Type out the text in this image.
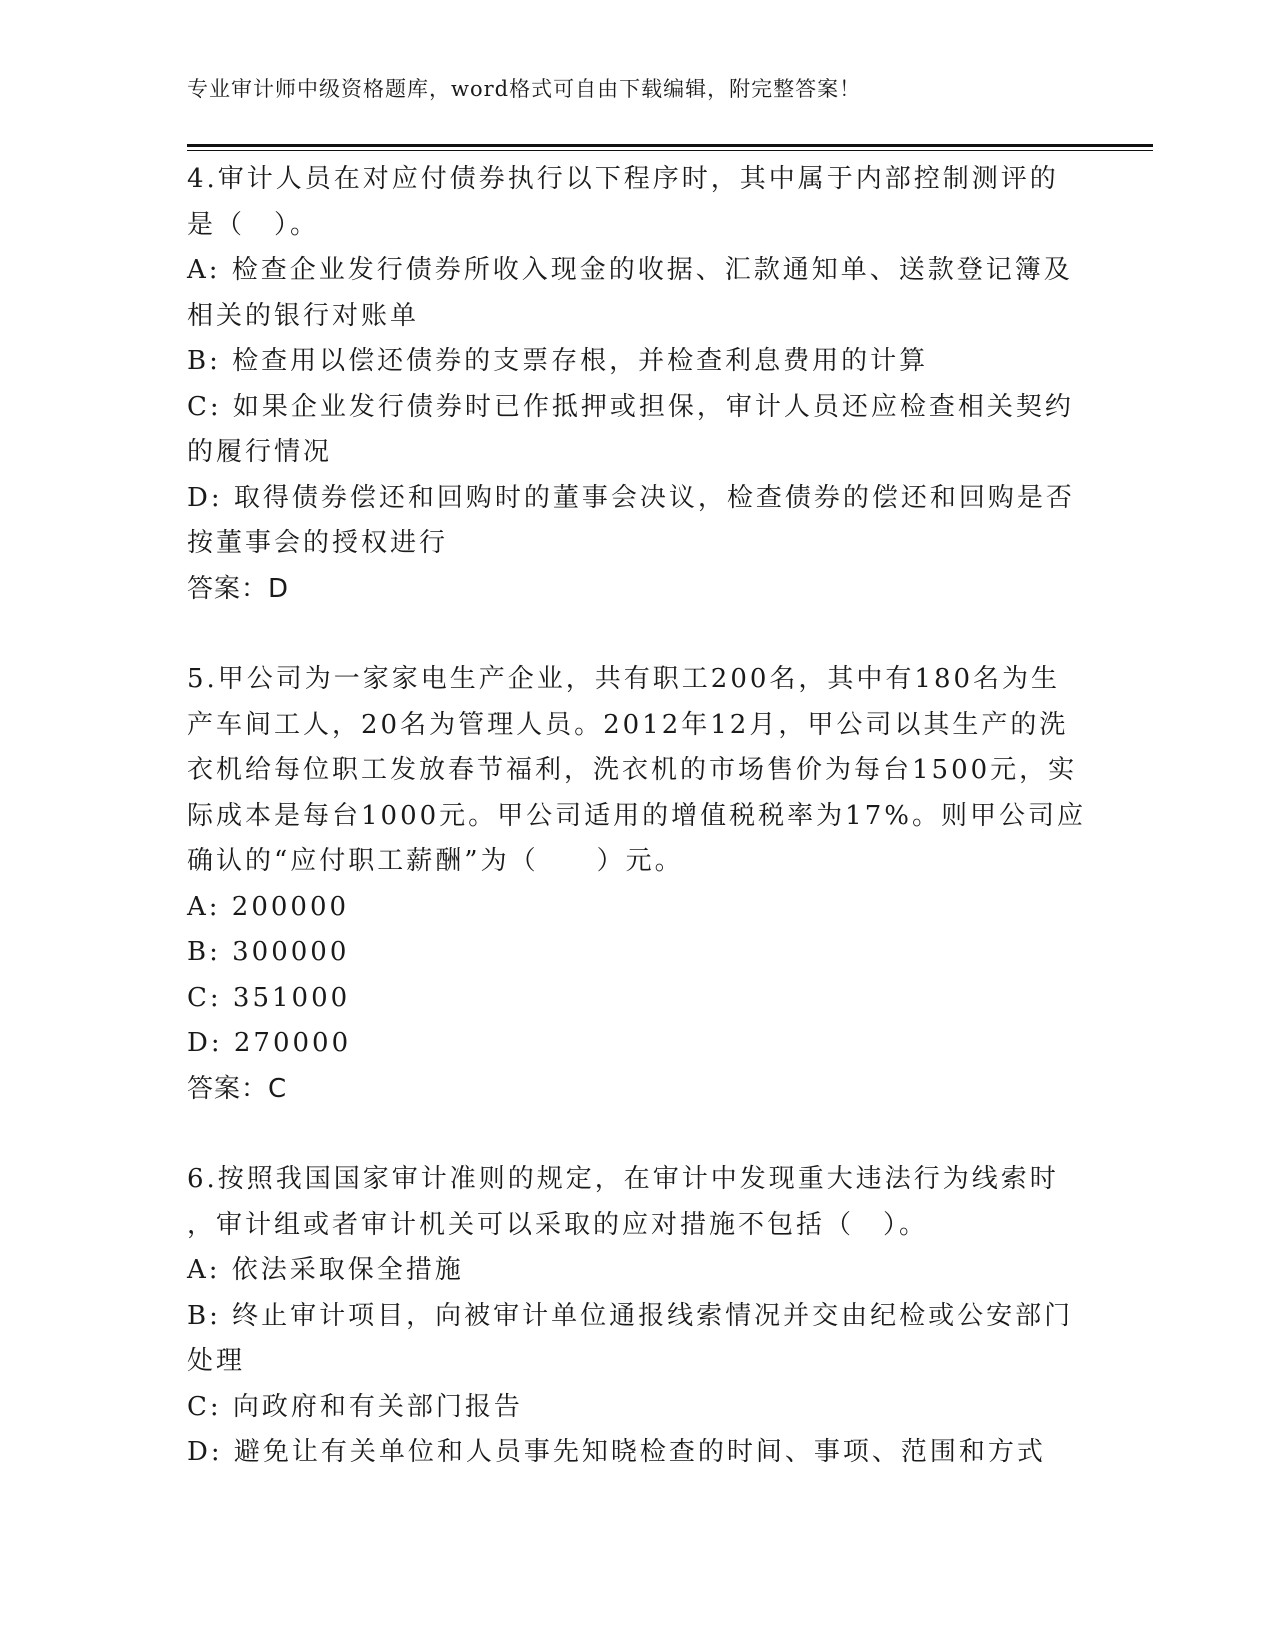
专业审计师中级资格题库，word格式可自由下载编辑，附完整答案！
4.审计人员在对应付债券执行以下程序时，其中属于内部控制测评的
是（　）。
A: 检查企业发行债券所收入现金的收据、汇款通知单、送款登记簿及
相关的银行对账单
B: 检查用以偿还债券的支票存根，并检查利息费用的计算
C: 如果企业发行债券时已作抵押或担保，审计人员还应检查相关契约
的履行情况
D: 取得债券偿还和回购时的董事会决议，检查债券的偿还和回购是否
按董事会的授权进行
答案：D
5.甲公司为一家家电生产企业，共有职工200名，其中有180名为生
产车间工人，20名为管理人员。2012年12月，甲公司以其生产的洗
衣机给每位职工发放春节福利，洗衣机的市场售价为每台1500元，实
际成本是每台1000元。甲公司适用的增值税税率为17%。则甲公司应
确认的“应付职工薪酬”为（　　）元。
A: 200000
B: 300000
C: 351000
D: 270000
答案：C
6.按照我国国家审计准则的规定，在审计中发现重大违法行为线索时
，审计组或者审计机关可以采取的应对措施不包括（　）。
A: 依法采取保全措施
B: 终止审计项目，向被审计单位通报线索情况并交由纪检或公安部门
处理
C: 向政府和有关部门报告
D: 避免让有关单位和人员事先知晓检查的时间、事项、范围和方式
